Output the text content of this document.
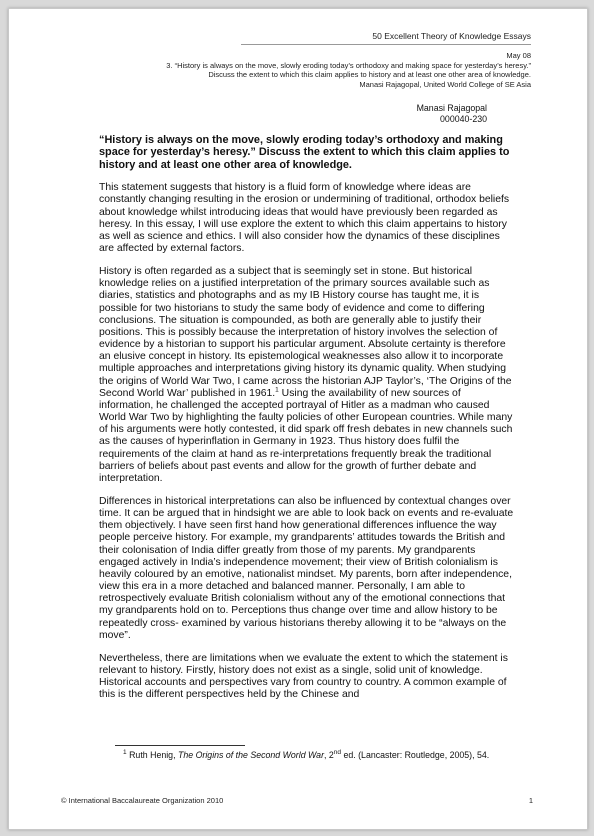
50 Excellent Theory of Knowledge Essays
May 08
3. “History is always on the move, slowly eroding today’s orthodoxy and making space for yesterday’s heresy.”
Discuss the extent to which this claim applies to history and at least one other area of knowledge.
Manasi Rajagopal, United World College of SE Asia
Manasi Rajagopal
000040-230
“History is always on the move, slowly eroding today’s orthodoxy and making space for yesterday’s heresy.” Discuss the extent to which this claim applies to history and at least one other area of knowledge.

This statement suggests that history is a fluid form of knowledge where ideas are constantly changing resulting in the erosion or undermining of traditional, orthodox beliefs about knowledge whilst introducing ideas that would have previously been regarded as heresy. In this essay, I will use explore the extent to which this claim appertains to history as well as science and ethics. I will also consider how the dynamics of these disciplines are affected by external factors.

History is often regarded as a subject that is seemingly set in stone. But historical knowledge relies on a justified interpretation of the primary sources available such as diaries, statistics and photographs and as my IB History course has taught me, it is possible for two historians to study the same body of evidence and come to differing conclusions. The situation is compounded, as both are generally able to justify their positions. This is possibly because the interpretation of history involves the selection of evidence by a historian to support his particular argument. Absolute certainty is therefore an elusive concept in history. Its epistemological weaknesses also allow it to incorporate multiple approaches and interpretations giving history its dynamic quality. When studying the origins of World War Two, I came across the historian AJP Taylor’s, ‘The Origins of the Second World War’ published in 1961.$^1$ Using the availability of new sources of information, he challenged the accepted portrayal of Hitler as a madman who caused World War Two by highlighting the faulty policies of other European countries. While many of his arguments were hotly contested, it did spark off fresh debates in new channels such as the causes of hyperinflation in Germany in 1923. Thus history does fulfil the requirements of the claim at hand as re-interpretations frequently break the traditional barriers of beliefs about past events and allow for the growth of further debate and interpretation.

Differences in historical interpretations can also be influenced by contextual changes over time. It can be argued that in hindsight we are able to look back on events and re-evaluate them objectively. I have seen first hand how generational differences influence the way people perceive history. For example, my grandparents’ attitudes towards the British and their colonisation of India differ greatly from those of my parents. My grandparents engaged actively in India’s independence movement; their view of British colonialism is heavily coloured by an emotive, nationalist mindset. My parents, born after independence, view this era in a more detached and balanced manner. Personally, I am able to retrospectively evaluate British colonialism without any of the emotional connections that my grandparents hold on to. Perceptions thus change over time and allow history to be repeatedly cross- examined by various historians thereby allowing it to be “always on the move”.

Nevertheless, there are limitations when we evaluate the extent to which the statement is relevant to history. Firstly, history does not exist as a single, solid unit of knowledge. Historical accounts and perspectives vary from country to country. A common example of this is the different perspectives held by the Chinese and

$^1$ Ruth Henig, The Origins of the Second World War, 2nd ed. (Lancaster: Routledge, 2005), 54.
© International Baccalaureate Organization 2010	1
